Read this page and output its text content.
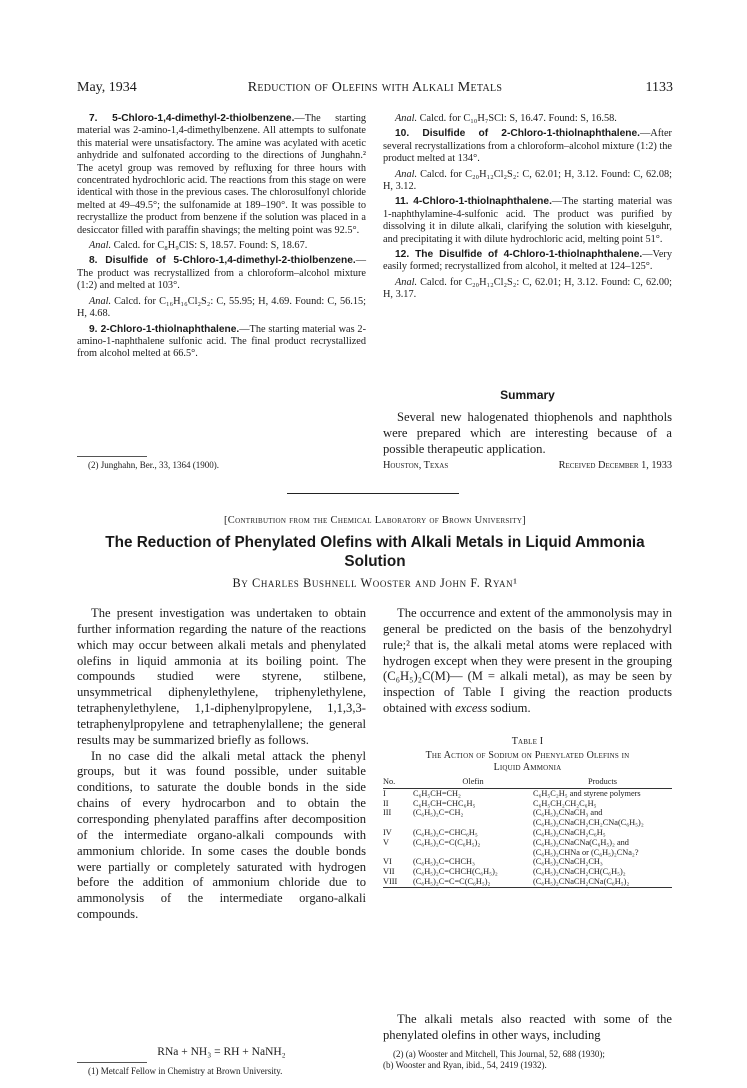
May, 1934	Reduction of Olefins with Alkali Metals	1133

7. 5-Chloro-1,4-dimethyl-2-thiolbenzene.—The starting material was 2-amino-1,4-dimethylbenzene. All attempts to sulfonate this material were unsatisfactory. The amine was acylated with acetic anhydride and sulfonated according to the directions of Junghahn.² The acetyl group was removed by refluxing for three hours with concentrated hydrochloric acid. The reactions from this stage on were identical with those in the previous cases. The chlorosulfonyl chloride melted at 49–49.5°; the sulfonamide at 189–190°. It was possible to recrystallize the product from benzene if the solution was placed in a desiccator filled with paraffin shavings; the melting point was 92.5°.

Anal. Calcd. for C₈H₉ClS: S, 18.57. Found: S, 18.67.

8. Disulfide of 5-Chloro-1,4-dimethyl-2-thiolbenzene.—The product was recrystallized from a chloroform–alcohol mixture (1:2) and melted at 103°.

Anal. Calcd. for C₁₆H₁₆Cl₂S₂: C, 55.95; H, 4.69. Found: C, 56.15; H, 4.68.

9. 2-Chloro-1-thiolnaphthalene.—The starting material was 2-amino-1-naphthalene sulfonic acid. The final product recrystallized from alcohol melted at 66.5°.

(2) Junghahn, Ber., 33, 1364 (1900).

Anal. Calcd. for C₁₀H₇SCl: S, 16.47. Found: S, 16.58.

10. Disulfide of 2-Chloro-1-thiolnaphthalene.—After several recrystallizations from a chloroform–alcohol mixture (1:2) the product melted at 134°.

Anal. Calcd. for C₂₀H₁₂Cl₂S₂: C, 62.01; H, 3.12. Found: C, 62.08; H, 3.12.

11. 4-Chloro-1-thiolnaphthalene.—The starting material was 1-naphthylamine-4-sulfonic acid. The product was purified by dissolving it in dilute alkali, clarifying the solution with kieselguhr, and precipitating it with dilute hydrochloric acid, melting point 51°.

12. The Disulfide of 4-Chloro-1-thiolnaphthalene.—Very easily formed; recrystallized from alcohol, it melted at 124–125°.

Anal. Calcd. for C₂₀H₁₂Cl₂S₂: C, 62.01; H, 3.12. Found: C, 62.00; H, 3.17.

Summary

Several new halogenated thiophenols and naphthols were prepared which are interesting because of a possible therapeutic application.

Houston, Texas	Received December 1, 1933
[Contribution from the Chemical Laboratory of Brown University]
The Reduction of Phenylated Olefins with Alkali Metals in Liquid Ammonia
Solution
By Charles Bushnell Wooster and John F. Ryan¹

The present investigation was undertaken to obtain further information regarding the nature of the reactions which may occur between alkali metals and phenylated olefins in liquid ammonia at its boiling point. The compounds studied were styrene, stilbene, unsymmetrical diphenylethylene, triphenylethylene, tetraphenylethylene, 1,1-diphenylpropylene, 1,1,3,3-tetraphenylpropylene and tetraphenylallene; the general results may be summarized briefly as follows.

In no case did the alkali metal attack the phenyl groups, but it was found possible, under suitable conditions, to saturate the double bonds in the side chains of every hydrocarbon and to obtain the corresponding phenylated paraffins after decomposition of the intermediate organo-alkali compounds with ammonium chloride. In some cases the double bonds were partially or completely saturated with hydrogen before the addition of ammonium chloride due to ammonolysis of the intermediate organo-alkali compounds.

RNa + NH₃ = RH + NaNH₂
(1) Metcalf Fellow in Chemistry at Brown University.

The occurrence and extent of the ammonolysis may in general be predicted on the basis of the benzohydryl rule;² that is, the alkali metal atoms were replaced with hydrogen except when they were present in the grouping (C₆H₅)₂C(M)— (M = alkali metal), as may be seen by inspection of Table I giving the reaction products obtained with excess sodium.

Table I
The Action of Sodium on Phenylated Olefins in
Liquid Ammonia
No.	Olefin	Products
I	C₆H₅CH=CH₂	C₆H₅C₂H₅ and styrene polymers
II	C₆H₅CH=CHC₆H₅	C₆H₅CH₂CH₂C₆H₅
III	(C₆H₅)₂C=CH₂	(C₆H₅)₂CNaCH₃ and (C₆H₅)₂CNaCH₂CH₂CNa(C₆H₅)₂
IV	(C₆H₅)₂C=CHC₆H₅	(C₆H₅)₂CNaCH₂C₆H₅
V	(C₆H₅)₂C=C(C₆H₅)₂	(C₆H₅)₂CNaCNa(C₆H₅)₂ and (C₆H₅)₂CHNa or (C₆H₅)₂CNa₂?
VI	(C₆H₅)₂C=CHCH₃	(C₆H₅)₂CNaCH₂CH₃
VII	(C₆H₅)₂C=CHCH(C₆H₅)₂	(C₆H₅)₂CNaCH₂CH(C₆H₅)₂
VIII	(C₆H₅)₂C=C=C(C₆H₅)₂	(C₆H₅)₂CNaCH₂CNa(C₆H₅)₂

The alkali metals also reacted with some of the phenylated olefins in other ways, including

(2) (a) Wooster and Mitchell, This Journal, 52, 688 (1930);
(b) Wooster and Ryan, ibid., 54, 2419 (1932).
